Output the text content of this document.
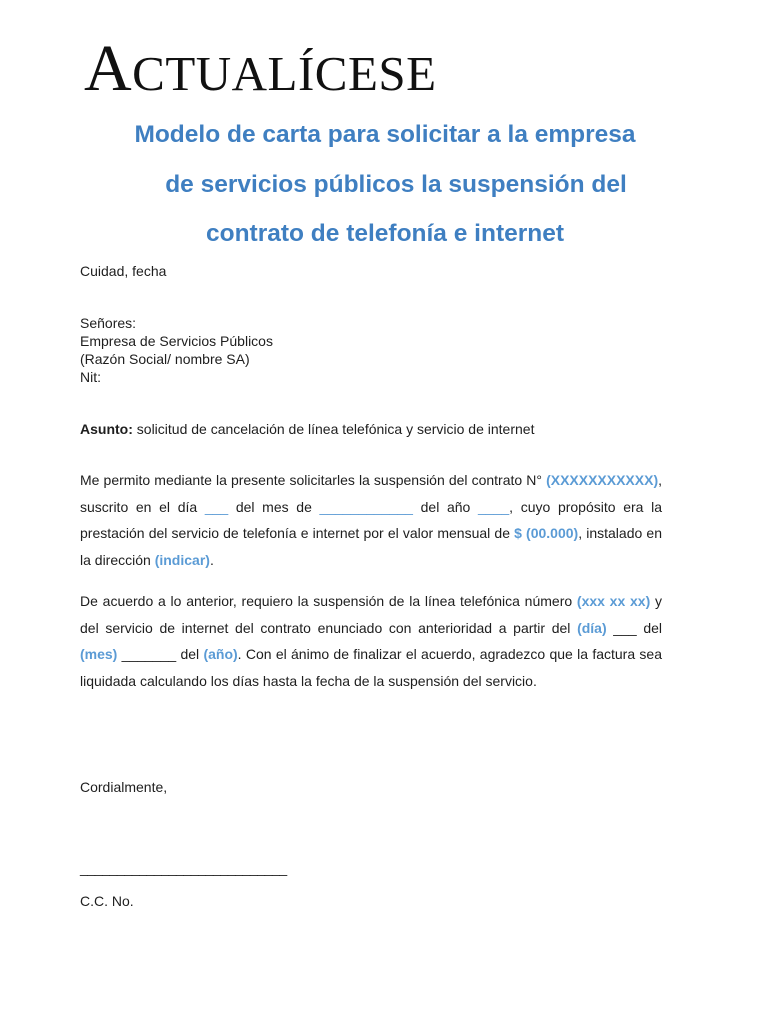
ACTUALÍCESE
Modelo de carta para solicitar a la empresa
de servicios públicos la suspensión del
contrato de telefonía e internet
Cuidad, fecha
Señores:
Empresa de Servicios Públicos
(Razón Social/ nombre SA)
Nit:
Asunto: solicitud de cancelación de línea telefónica y servicio de internet
Me permito mediante la presente solicitarles la suspensión del contrato N° (XXXXXXXXXXX), suscrito en el día ___ del mes de ____________ del año ____, cuyo propósito era la prestación del servicio de telefonía e internet por el valor mensual de $ (00.000), instalado en la dirección (indicar).
De acuerdo a lo anterior, requiero la suspensión de la línea telefónica número (xxx xx xx) y del servicio de internet del contrato enunciado con anterioridad a partir del (día) ___ del (mes) _______ del (año). Con el ánimo de finalizar el acuerdo, agradezco que la factura sea liquidada calculando los días hasta la fecha de la suspensión del servicio.
Cordialmente,
____________________________
C.C. No.
